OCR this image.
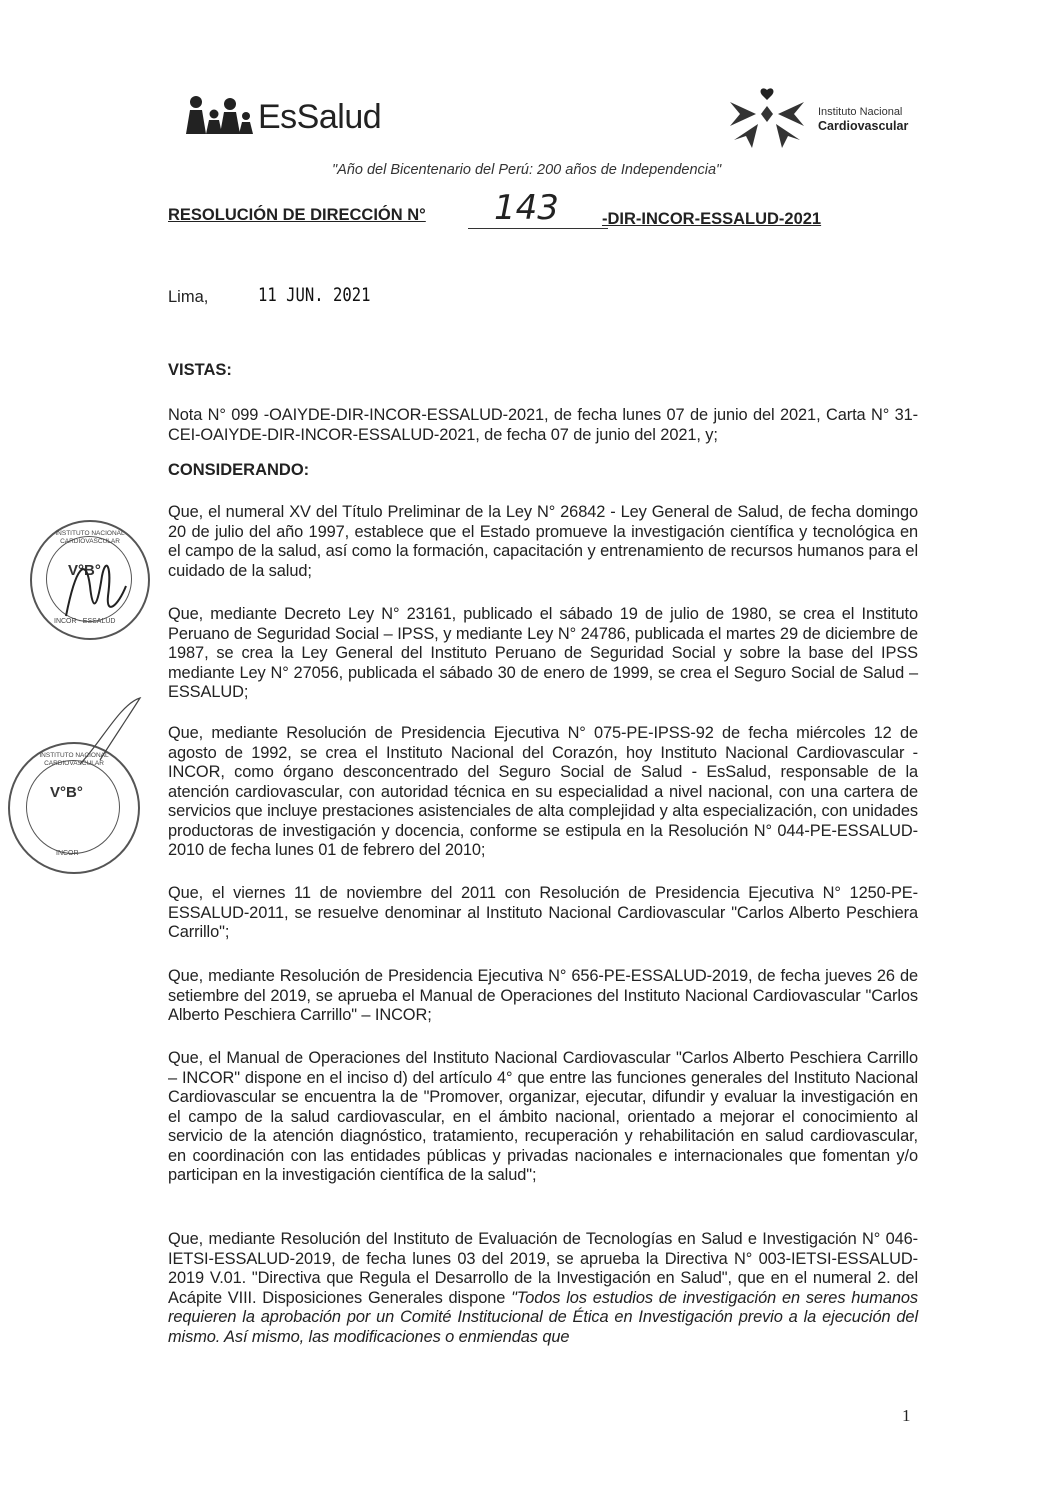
EsSalud	Instituto Nacional
Cardiovascular
"Año del Bicentenario del Perú: 200 años de Independencia"
RESOLUCIÓN DE DIRECCIÓN N° 143	-DIR-INCOR-ESSALUD-2021
Lima,	11 JUN. 2021
VISTAS:
Nota N° 099 -OAIYDE-DIR-INCOR-ESSALUD-2021, de fecha lunes 07 de junio del 2021, Carta N° 31-CEI-OAIYDE-DIR-INCOR-ESSALUD-2021, de fecha 07 de junio del 2021, y;
CONSIDERANDO:
Que, el numeral XV del Título Preliminar de la Ley N° 26842 - Ley General de Salud, de fecha domingo 20 de julio del año 1997, establece que el Estado promueve la investigación científica y tecnológica en el campo de la salud, así como la formación, capacitación y entrenamiento de recursos humanos para el cuidado de la salud;
Que, mediante Decreto Ley N° 23161, publicado el sábado 19 de julio de 1980, se crea el Instituto Peruano de Seguridad Social – IPSS, y mediante Ley N° 24786, publicada el martes 29 de diciembre de 1987, se crea la Ley General del Instituto Peruano de Seguridad Social y sobre la base del IPSS mediante Ley N° 27056, publicada el sábado 30 de enero de 1999, se crea el Seguro Social de Salud – ESSALUD;
Que, mediante Resolución de Presidencia Ejecutiva N° 075-PE-IPSS-92 de fecha miércoles 12 de agosto de 1992, se crea el Instituto Nacional del Corazón, hoy Instituto Nacional Cardiovascular - INCOR, como órgano desconcentrado del Seguro Social de Salud - EsSalud, responsable de la atención cardiovascular, con autoridad técnica en su especialidad a nivel nacional, con una cartera de servicios que incluye prestaciones asistenciales de alta complejidad y alta especialización, con unidades productoras de investigación y docencia, conforme se estipula en la Resolución N° 044-PE-ESSALUD-2010 de fecha lunes 01 de febrero del 2010;
Que, el viernes 11 de noviembre del 2011 con Resolución de Presidencia Ejecutiva N° 1250-PE-ESSALUD-2011, se resuelve denominar al Instituto Nacional Cardiovascular "Carlos Alberto Peschiera Carrillo";
Que, mediante Resolución de Presidencia Ejecutiva N° 656-PE-ESSALUD-2019, de fecha jueves 26 de setiembre del 2019, se aprueba el Manual de Operaciones del Instituto Nacional Cardiovascular "Carlos Alberto Peschiera Carrillo" – INCOR;
Que, el Manual de Operaciones del Instituto Nacional Cardiovascular "Carlos Alberto Peschiera Carrillo – INCOR" dispone en el inciso d) del artículo 4° que entre las funciones generales del Instituto Nacional Cardiovascular se encuentra la de "Promover, organizar, ejecutar, difundir y evaluar la investigación en el campo de la salud cardiovascular, en el ámbito nacional, orientado a mejorar el conocimiento al servicio de la atención diagnóstico, tratamiento, recuperación y rehabilitación en salud cardiovascular, en coordinación con las entidades públicas y privadas nacionales e internacionales que fomentan y/o participan en la investigación científica de la salud";
Que, mediante Resolución del Instituto de Evaluación de Tecnologías en Salud e Investigación N° 046-IETSI-ESSALUD-2019, de fecha lunes 03 del 2019, se aprueba la Directiva N° 003-IETSI-ESSALUD-2019 V.01. "Directiva que Regula el Desarrollo de la Investigación en Salud", que en el numeral 2. del Acápite VIII. Disposiciones Generales dispone "Todos los estudios de investigación en seres humanos requieren la aprobación por un Comité Institucional de Ética en Investigación previo a la ejecución del mismo. Así mismo, las modificaciones o enmiendas que
INSTITUTO NACIONAL CARDIOVASCULAR
V°B°
INCOR - ESSALUD
INSTITUTO NACIONAL CARDIOVASCULAR
V°B°
INCOR
1
